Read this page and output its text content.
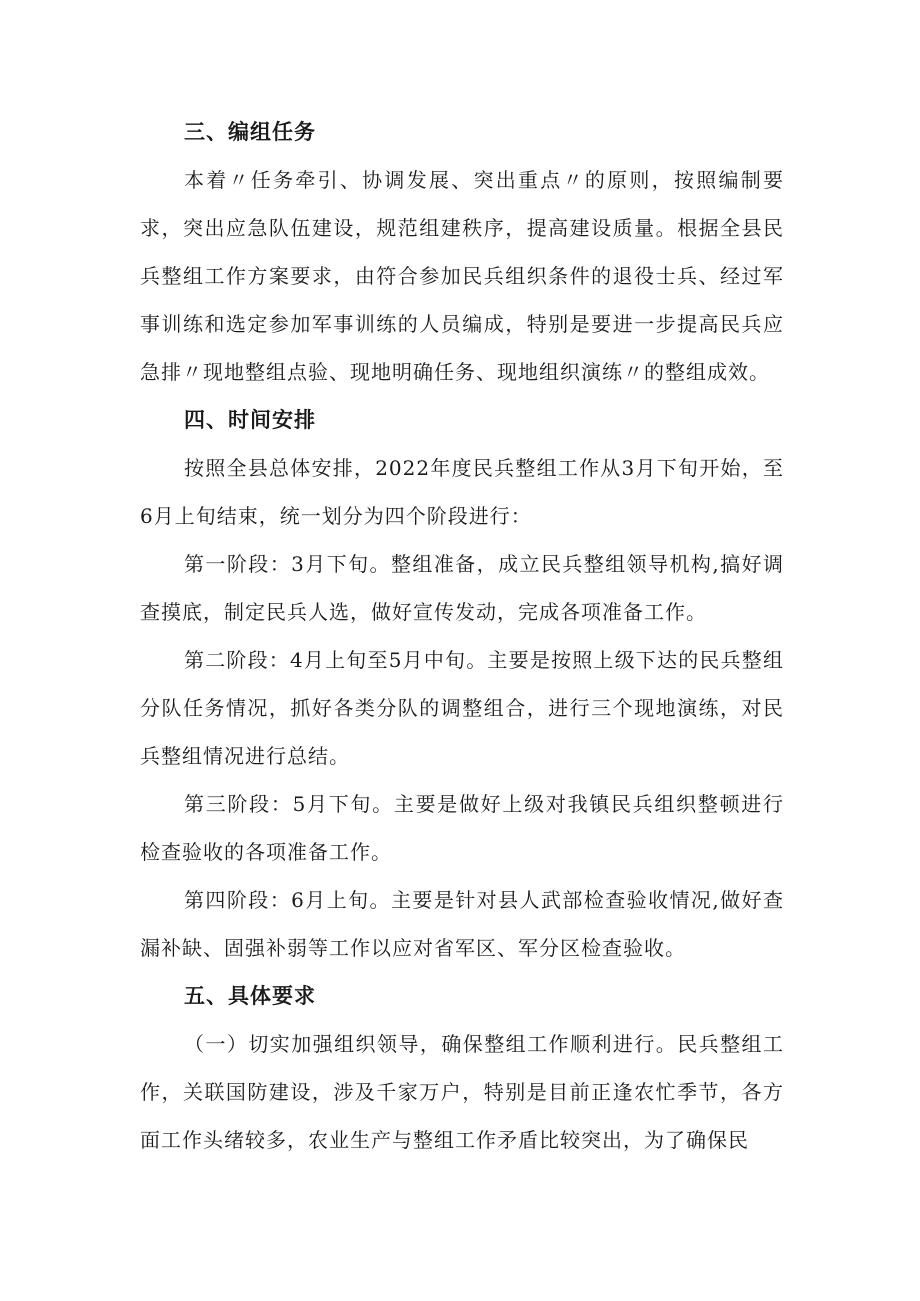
三、编组任务

本着〃任务牵引、协调发展、突出重点〃的原则，按照编制要求，突出应急队伍建设，规范组建秩序，提高建设质量。根据全县民兵整组工作方案要求，由符合参加民兵组织条件的退役士兵、经过军事训练和选定参加军事训练的人员编成，特别是要进一步提高民兵应急排〃现地整组点验、现地明确任务、现地组织演练〃的整组成效。

四、时间安排

按照全县总体安排，2022年度民兵整组工作从3月下旬开始，至6月上旬结束，统一划分为四个阶段进行：

第一阶段：3月下旬。整组准备，成立民兵整组领导机构,搞好调查摸底，制定民兵人选，做好宣传发动，完成各项准备工作。

第二阶段：4月上旬至5月中旬。主要是按照上级下达的民兵整组分队任务情况，抓好各类分队的调整组合，进行三个现地演练，对民兵整组情况进行总结。

第三阶段：5月下旬。主要是做好上级对我镇民兵组织整顿进行检查验收的各项准备工作。

第四阶段：6月上旬。主要是针对县人武部检查验收情况,做好查漏补缺、固强补弱等工作以应对省军区、军分区检查验收。

五、具体要求

（一）切实加强组织领导，确保整组工作顺利进行。民兵整组工作，关联国防建设，涉及千家万户，特别是目前正逢农忙季节，各方面工作头绪较多，农业生产与整组工作矛盾比较突出，为了确保民
